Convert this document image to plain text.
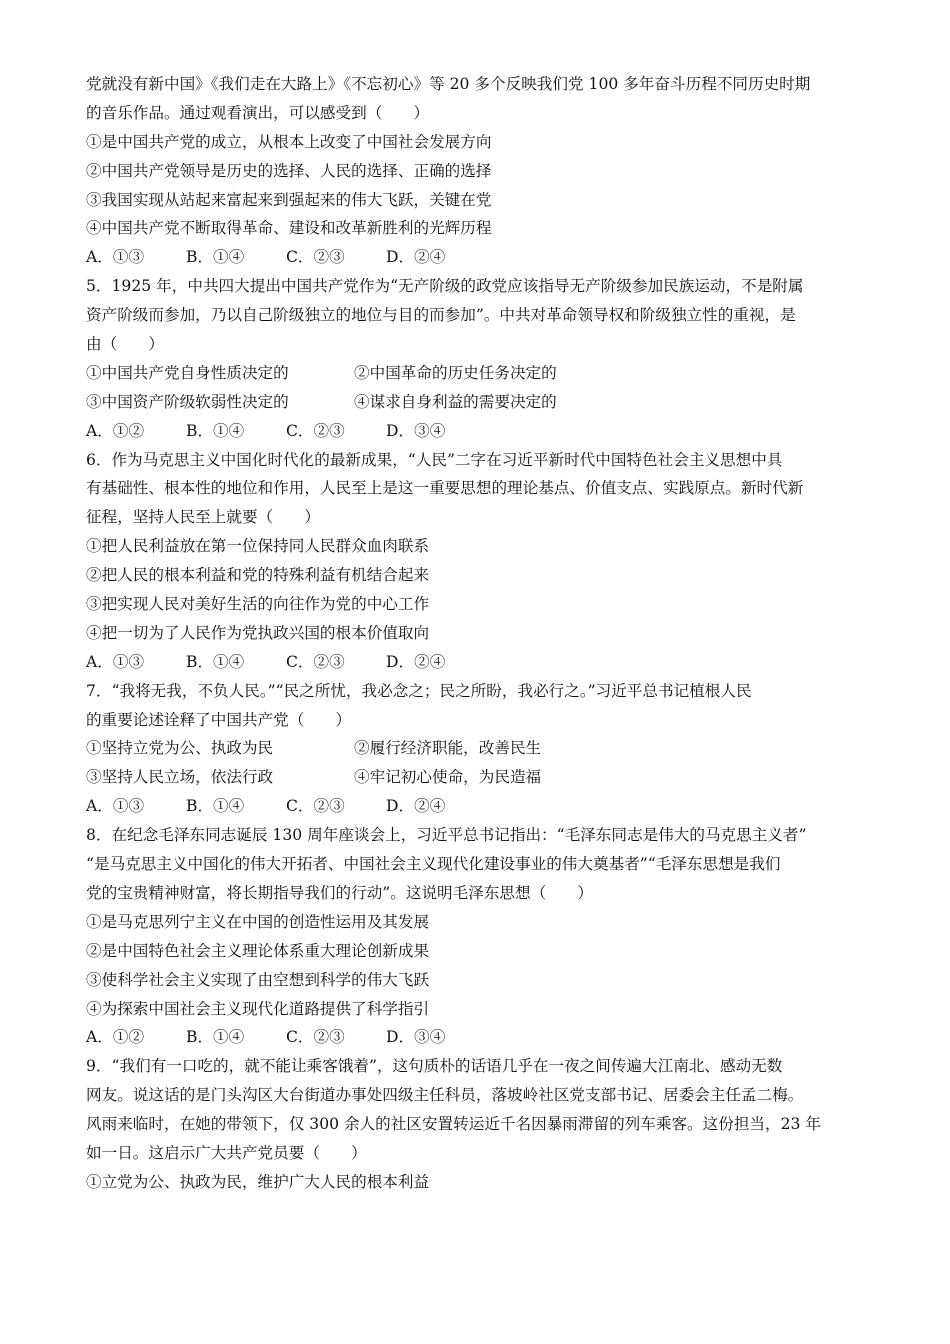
党就没有新中国》《我们走在大路上》《不忘初心》等 20 多个反映我们党 100 多年奋斗历程不同历史时期
的音乐作品。通过观看演出，可以感受到（　　）
①是中国共产党的成立，从根本上改变了中国社会发展方向
②中国共产党领导是历史的选择、人民的选择、正确的选择
③我国实现从站起来富起来到强起来的伟大飞跃，关键在党
④中国共产党不断取得革命、建设和改革新胜利的光辉历程
A．①③	B．①④	C．②③	D．②④
5．1925 年，中共四大提出中国共产党作为“无产阶级的政党应该指导无产阶级参加民族运动，不是附属
资产阶级而参加，乃以自己阶级独立的地位与目的而参加”。中共对革命领导权和阶级独立性的重视，是
由（　　）
①中国共产党自身性质决定的	②中国革命的历史任务决定的
③中国资产阶级软弱性决定的	④谋求自身利益的需要决定的
A．①②	B．①④	C．②③	D．③④
6．作为马克思主义中国化时代化的最新成果，“人民”二字在习近平新时代中国特色社会主义思想中具
有基础性、根本性的地位和作用，人民至上是这一重要思想的理论基点、价值支点、实践原点。新时代新
征程，坚持人民至上就要（　　）
①把人民利益放在第一位保持同人民群众血肉联系
②把人民的根本利益和党的特殊利益有机结合起来
③把实现人民对美好生活的向往作为党的中心工作
④把一切为了人民作为党执政兴国的根本价值取向
A．①③	B．①④	C．②③	D．②④
7．“我将无我，不负人民。”“民之所忧，我必念之；民之所盼，我必行之。”习近平总书记植根人民
的重要论述诠释了中国共产党（　　）
①坚持立党为公、执政为民	②履行经济职能，改善民生
③坚持人民立场，依法行政	④牢记初心使命，为民造福
A．①③	B．①④	C．②③	D．②④
8．在纪念毛泽东同志诞辰 130 周年座谈会上，习近平总书记指出：“毛泽东同志是伟大的马克思主义者”
“是马克思主义中国化的伟大开拓者、中国社会主义现代化建设事业的伟大奠基者”“毛泽东思想是我们
党的宝贵精神财富，将长期指导我们的行动”。这说明毛泽东思想（　　）
①是马克思列宁主义在中国的创造性运用及其发展
②是中国特色社会主义理论体系重大理论创新成果
③使科学社会主义实现了由空想到科学的伟大飞跃
④为探索中国社会主义现代化道路提供了科学指引
A．①②	B．①④	C．②③	D．③④
9．“我们有一口吃的，就不能让乘客饿着”，这句质朴的话语几乎在一夜之间传遍大江南北、感动无数
网友。说这话的是门头沟区大台街道办事处四级主任科员，落坡岭社区党支部书记、居委会主任孟二梅。
风雨来临时，在她的带领下，仅 300 余人的社区安置转运近千名因暴雨滞留的列车乘客。这份担当，23 年
如一日。这启示广大共产党员要（　　）
①立党为公、执政为民，维护广大人民的根本利益
